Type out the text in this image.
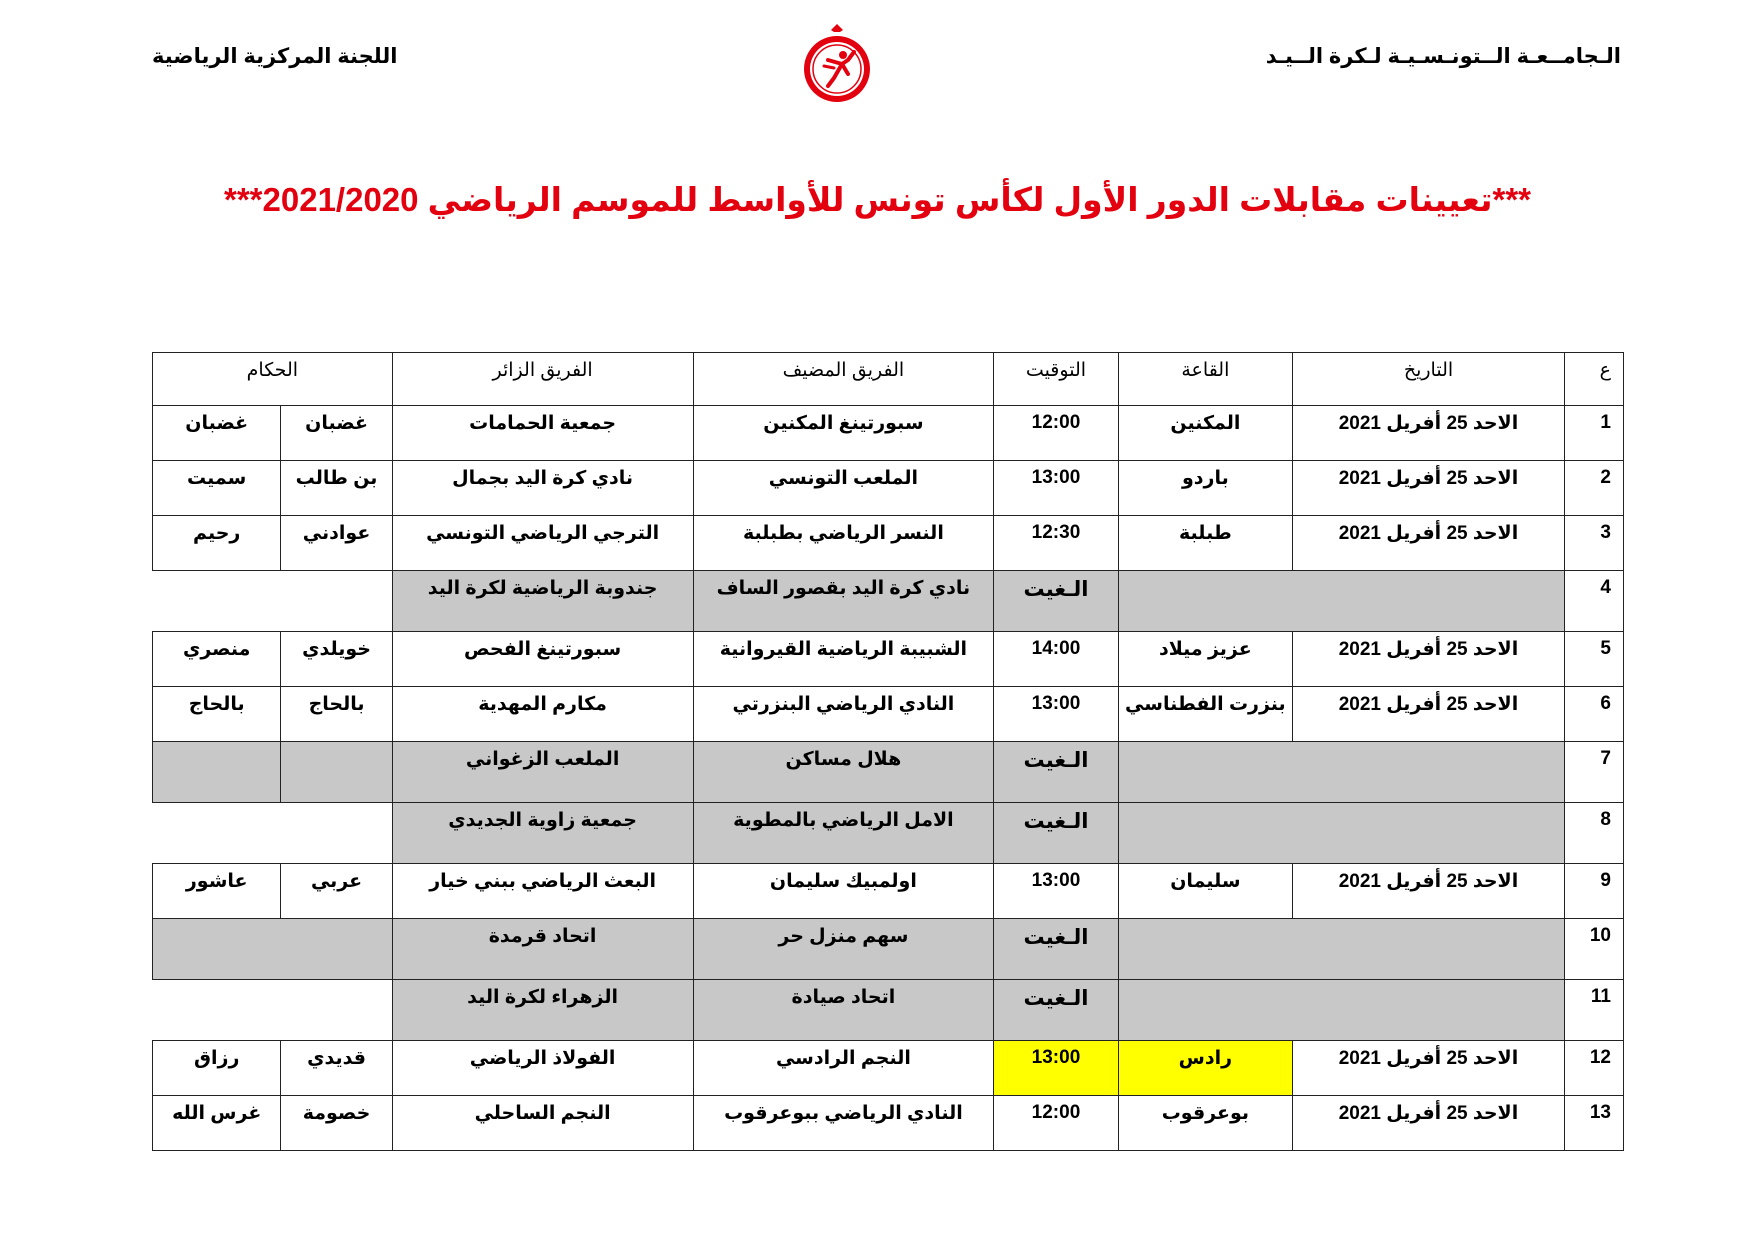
الـجامــعـة الــتونـسـيـة لـكرة الــيـد
اللجنة المركزية الرياضية
***تعيينات مقابلات الدور الأول لكأس تونس للأواسط للموسم الرياضي 2021/2020***
ع	التاريخ	القاعة	التوقيت	الفريق المضيف	الفريق الزائر	الحكام	
1	الاحد 25 أفريل 2021	المكنين	12:00	سبورتينغ المكنين	جمعية الحمامات	غضبان	غضبان
2	الاحد 25 أفريل 2021	باردو	13:00	الملعب التونسي	نادي كرة اليد بجمال	بن طالب	سميت
3	الاحد 25 أفريل 2021	طبلبة	12:30	النسر الرياضي بطبلبة	الترجي الرياضي التونسي	عوادني	رحيم
4			الـغيت	نادي كرة اليد بقصور الساف	جندوبة الرياضية لكرة اليد		
5	الاحد 25 أفريل 2021	عزيز ميلاد	14:00	الشبيبة الرياضية القيروانية	سبورتينغ الفحص	خويلدي	منصري
6	الاحد 25 أفريل 2021	بنزرت الفطناسي	13:00	النادي الرياضي البنزرتي	مكارم المهدية	بالحاج	بالحاج
7			الـغيت	هلال مساكن	الملعب الزغواني		
8			الـغيت	الامل الرياضي بالمطوية	جمعية زاوية الجديدي		
9	الاحد 25 أفريل 2021	سليمان	13:00	اولمبيك سليمان	البعث الرياضي ببني خيار	عربي	عاشور
10			الـغيت	سهم منزل حر	اتحاد قرمدة		
11			الـغيت	اتحاد صيادة	الزهراء لكرة اليد		
12	الاحد 25 أفريل 2021	رادس	13:00	النجم الرادسي	الفولاذ الرياضي	قديدي	رزاق
13	الاحد 25 أفريل 2021	بوعرقوب	12:00	النادي الرياضي ببوعرقوب	النجم الساحلي	خصومة	غرس الله
